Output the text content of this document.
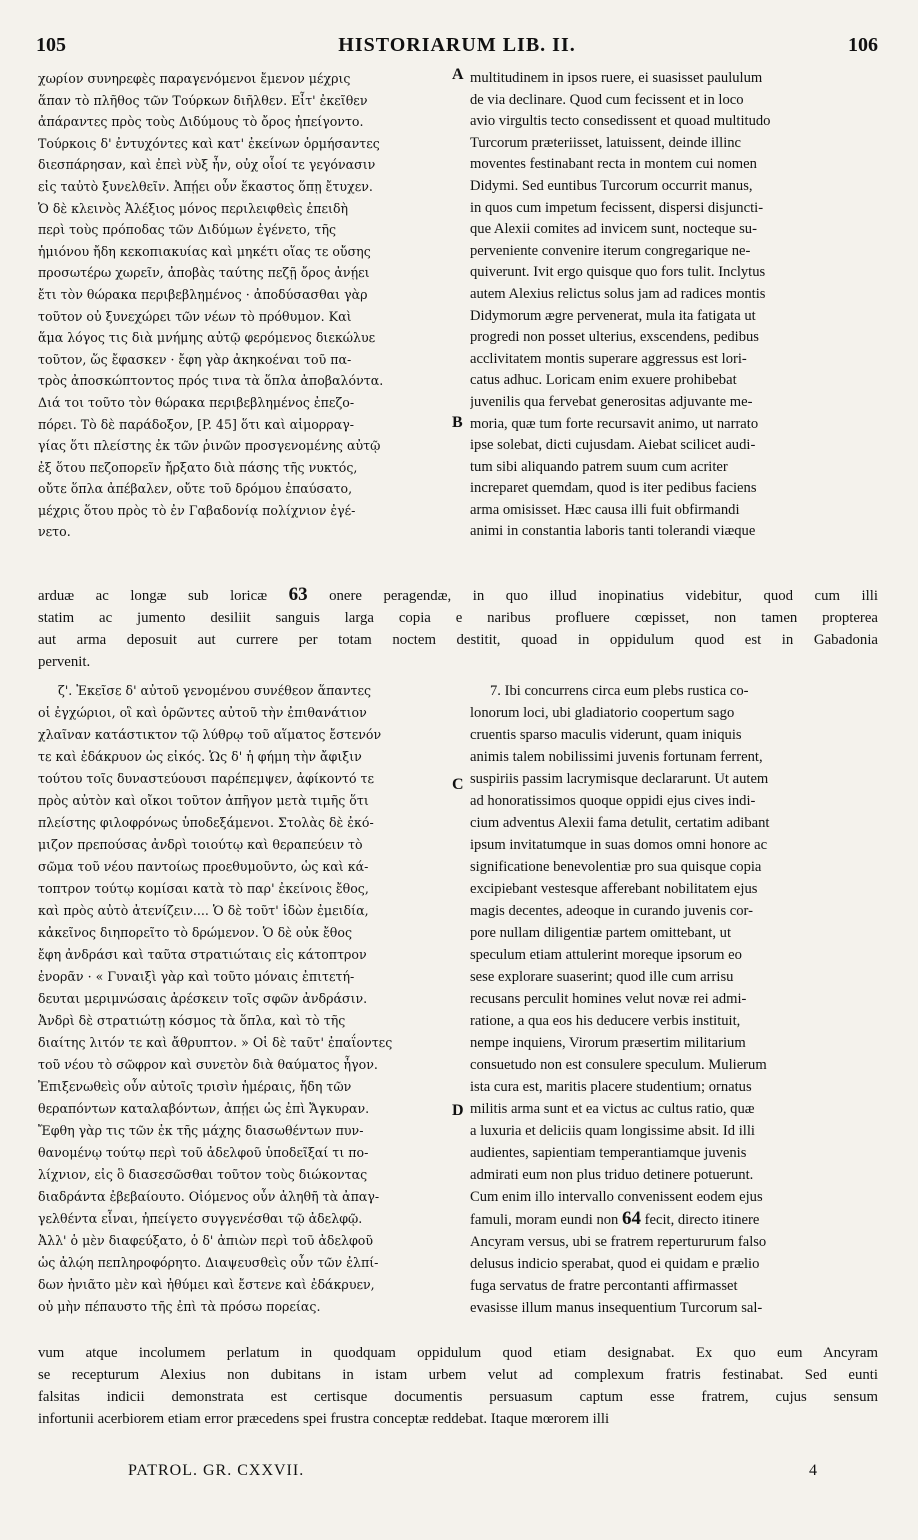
105	HISTORIARUM LIB. II.	106
χωρίον συνηρεφὲς παραγενόμενοι ἔμενον μέχρις
ἅπαν τὸ πλῆθος τῶν Τούρκων διῆλθεν. Εἶτ' ἐκεῖθεν
ἀπάραντες πρὸς τοὺς Διδύμους τὸ ὄρος ἠπείγοντο.
Τούρκοις δ' ἐντυχόντες καὶ κατ' ἐκείνων ὁρμήσαντες
διεσπάρησαν, καὶ ἐπεὶ νὺξ ἦν, οὐχ οἷοί τε γεγόνασιν
εἰς ταὐτὸ ξυνελθεῖν. Ἀπῄει οὖν ἕκαστος ὅπῃ ἔτυχεν.
Ὁ δὲ κλεινὸς Ἀλέξιος μόνος περιλειφθεὶς ἐπειδὴ
περὶ τοὺς πρόποδας τῶν Διδύμων ἐγένετο, τῆς
ἡμιόνου ἤδη κεκοπιακυίας καὶ μηκέτι οἵας τε οὔσης
προσωτέρω χωρεῖν, ἀποβὰς ταύτης πεζῇ ὄρος ἀνῄει
ἔτι τὸν θώρακα περιβεβλημένος · ἀποδύσασθαι γὰρ
τοῦτον οὐ ξυνεχώρει τῶν νέων τὸ πρόθυμον. Καὶ
ἅμα λόγος τις διὰ μνήμης αὐτῷ φερόμενος διεκώλυε
τοῦτον, ὥς ἔφασκεν · ἔφη γὰρ ἀκηκοέναι τοῦ πα-
τρὸς ἀποσκώπτοντος πρός τινα τὰ ὅπλα ἀποβαλόντα.
Διά τοι τοῦτο τὸν θώρακα περιβεβλημένος ἐπεζο-
πόρει. Τὸ δὲ παράδοξον, [P. 45] ὅτι καὶ αἱμορραγ-
γίας ὅτι πλείστης ἐκ τῶν ῥινῶν προσγενομένης αὐτῷ
ἐξ ὅτου πεζοπορεῖν ἤρξατο διὰ πάσης τῆς νυκτός,
οὔτε ὅπλα ἀπέβαλεν, οὔτε τοῦ δρόμου ἐπαύσατο,
μέχρις ὅτου πρὸς τὸ ἐν Γαβαδονίᾳ πολίχνιον ἐγέ-
νετο.
multitudinem in ipsos ruere, ei suasisset paululum
de via declinare. Quod cum fecissent et in loco
avio virgultis tecto consedissent et quoad multitudo
Turcorum præteriisset, latuissent, deinde illinc
moventes festinabant recta in montem cui nomen
Didymi. Sed euntibus Turcorum occurrit manus,
in quos cum impetum fecissent, dispersi disjuncti-
que Alexii comites ad invicem sunt, nocteque su-
perveniente convenire iterum congregarique ne-
quiverunt. Ivit ergo quisque quo fors tulit. Inclytus
autem Alexius relictus solus jam ad radices montis
Didymorum ægre pervenerat, mula ita fatigata ut
progredi non posset ulterius, exscendens, pedibus
acclivitatem montis superare aggressus est lori-
catus adhuc. Loricam enim exuere prohibebat
juvenilis qua fervebat generositas adjuvante me-
moria, quæ tum forte recursavit animo, ut narrato
ipse solebat, dicti cujusdam. Aiebat scilicet audi-
tum sibi aliquando patrem suum cum acriter
increparet quemdam, quod is iter pedibus faciens
arma omisisset. Hæc causa illi fuit obfirmandi
animi in constantia laboris tanti tolerandi viæque
A
B
C
D
arduæ ac longæ sub loricæ 63 onere peragendæ, in quo illud inopinatius videbitur, quod cum illi
statim ac jumento desiliit sanguis larga copia e naribus profluere cœpisset, non tamen propterea
aut arma deposuit aut currere per totam noctem destitit, quoad in oppidulum quod est in Gabadonia
pervenit.
ζ'. Ἐκεῖσε δ' αὐτοῦ γενομένου συνέθεον ἅπαντες
οἱ ἐγχώριοι, οἳ καὶ ὁρῶντες αὐτοῦ τὴν ἐπιθανάτιον
χλαῖναν κατάστικτον τῷ λύθρῳ τοῦ αἵματος ἔστενόν
τε καὶ ἐδάκρυον ὡς εἰκός. Ὡς δ' ἡ φήμη τὴν ἄφιξιν
τούτου τοῖς δυναστεύουσι παρέπεμψεν, ἀφίκοντό τε
πρὸς αὐτὸν καὶ οἴκοι τοῦτον ἀπῆγον μετὰ τιμῆς ὅτι
πλείστης φιλοφρόνως ὑποδεξάμενοι. Στολὰς δὲ ἐκό-
μιζον πρεπούσας ἀνδρὶ τοιούτῳ καὶ θεραπεύειν τὸ
σῶμα τοῦ νέου παντοίως προεθυμοῦντο, ὡς καὶ κά-
τοπτρον τούτῳ κομίσαι κατὰ τὸ παρ' ἐκείνοις ἔθος,
καὶ πρὸς αὐτὸ ἀτενίζειν.... Ὁ δὲ τοῦτ' ἰδὼν ἐμειδία,
κἀκεῖνος διηπορεῖτο τὸ δρώμενον. Ὁ δὲ οὐκ ἔθος
ἔφη ἀνδράσι καὶ ταῦτα στρατιώταις εἰς κάτοπτρον
ἐνορᾶν · « Γυναιξὶ γὰρ καὶ τοῦτο μόναις ἐπιτετή-
δευται μεριμνώσαις ἀρέσκειν τοῖς σφῶν ἀνδράσιν.
Ἀνδρὶ δὲ στρατιώτῃ κόσμος τὰ ὅπλα, καὶ τὸ τῆς
διαίτης λιτόν τε καὶ ἄθρυπτον. » Οἱ δὲ ταῦτ' ἐπαΐοντες
τοῦ νέου τὸ σῶφρον καὶ συνετὸν διὰ θαύματος ἦγον.
Ἐπιξενωθεὶς οὖν αὐτοῖς τρισὶν ἡμέραις, ἤδη τῶν
θεραπόντων καταλαβόντων, ἀπῄει ὡς ἐπὶ Ἄγκυραν.
Ἔφθη γὰρ τις τῶν ἐκ τῆς μάχης διασωθέντων πυν-
θανομένῳ τούτῳ περὶ τοῦ ἀδελφοῦ ὑποδεῖξαί τι πο-
λίχνιον, εἰς ὃ διασεσῶσθαι τοῦτον τοὺς διώκοντας
διαδράντα ἐβεβαίουτο. Οἰόμενος οὖν ἀληθῆ τὰ ἀπαγ-
γελθέντα εἶναι, ἠπείγετο συγγενέσθαι τῷ ἀδελφῷ.
Ἀλλ' ὁ μὲν διαφεύξατο, ὁ δ' ἀπιὼν περὶ τοῦ ἀδελφοῦ
ὡς ἀλῴη πεπληροφόρητο. Διαψευσθεὶς οὖν τῶν ἐλπί-
δων ἠνιᾶτο μὲν καὶ ἠθύμει καὶ ἔστενε καὶ ἐδάκρυεν,
οὐ μὴν πέπαυστο τῆς ἐπὶ τὰ πρόσω πορείας.
7. Ibi concurrens circa eum plebs rustica co-
lonorum loci, ubi gladiatorio coopertum sago
cruentis sparso maculis viderunt, quam iniquis
animis talem nobilissimi juvenis fortunam ferrent,
suspiriis passim lacrymisque declararunt. Ut autem
ad honoratissimos quoque oppidi ejus cives indi-
cium adventus Alexii fama detulit, certatim adibant
ipsum invitatumque in suas domos omni honore ac
significatione benevolentiæ pro sua quisque copia
excipiebant vestesque afferebant nobilitatem ejus
magis decentes, adeoque in curando juvenis cor-
pore nullam diligentiæ partem omittebant, ut
speculum etiam attulerint moreque ipsorum eo
sese explorare suaserint; quod ille cum arrisu
recusans perculit homines velut novæ rei admi-
ratione, a qua eos his deducere verbis instituit,
nempe inquiens, Virorum præsertim militarium
consuetudo non est consulere speculum. Mulierum
ista cura est, maritis placere studentium; ornatus
militis arma sunt et ea victus ac cultus ratio, quæ
a luxuria et deliciis quam longissime absit. Id illi
audientes, sapientiam temperantiamque juvenis
admirati eum non plus triduo detinere potuerunt.
Cum enim illo intervallo convenissent eodem ejus
famuli, moram eundi non 64 fecit, directo itinere
Ancyram versus, ubi se fratrem repertururum falso
delusus indicio sperabat, quod ei quidam e prælio
fuga servatus de fratre percontanti affirmasset
evasisse illum manus insequentium Turcorum sal-
vum atque incolumem perlatum in quodquam oppidulum quod etiam designabat. Ex quo eum Ancyram
se recepturum Alexius non dubitans in istam urbem velut ad complexum fratris festinabat. Sed eunti
falsitas indicii demonstrata est certisque documentis persuasum captum esse fratrem, cujus sensum
infortunii acerbiorem etiam error præcedens spei frustra conceptæ reddebat. Itaque mœrorem illi
PATROL. GR. CXXVII.	4
